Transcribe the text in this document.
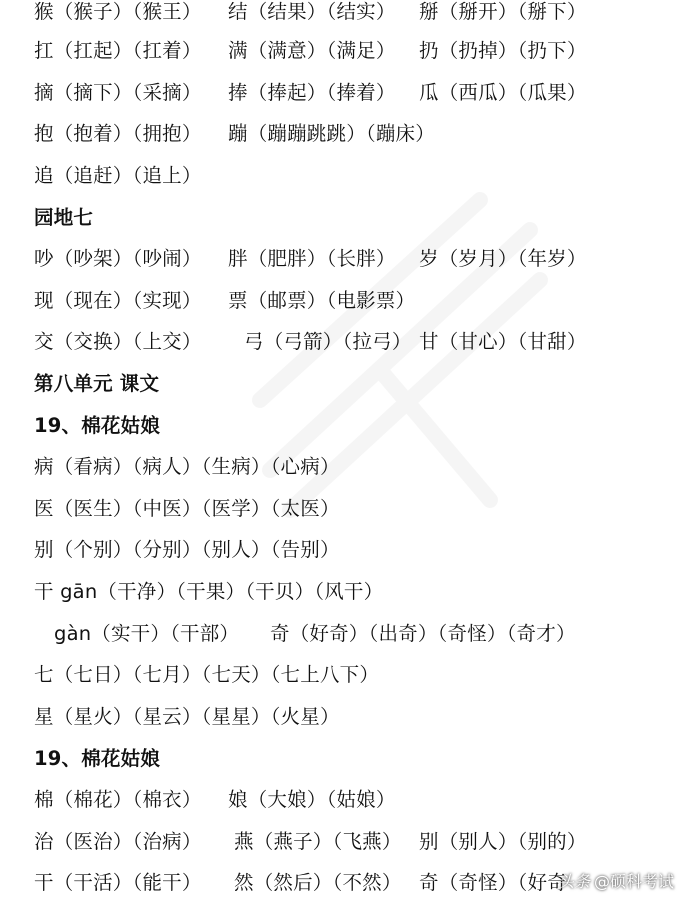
猴（猴子）（猴王） 结（结果）（结实） 掰（掰开）（掰下）
扛（扛起）（扛着） 满（满意）（满足） 扔（扔掉）（扔下）
摘（摘下）（采摘） 捧（捧起）（捧着） 瓜（西瓜）（瓜果）
抱（抱着）（拥抱） 蹦（蹦蹦跳跳）（蹦床）
追（追赶）（追上）
园地七
吵（吵架）（吵闹） 胖（肥胖）（长胖） 岁（岁月）（年岁）
现（现在）（实现） 票（邮票）（电影票）
交（交换）（上交） 弓（弓箭）（拉弓） 甘（甘心）（甘甜）
第八单元 课文
19、棉花姑娘
病（看病）（病人）（生病）（心病）
医（医生）（中医）（医学）（太医）
别（个别）（分别）（别人）（告别）
干 gān（干净）（干果）（干贝）（风干）
gàn（实干）（干部） 奇（好奇）（出奇）（奇怪）（奇才）
七（七日）（七月）（七天）（七上八下）
星（星火）（星云）（星星）（火星）
19、棉花姑娘
棉（棉花）（棉衣） 娘（大娘）（姑娘）
治（医治）（治病） 燕（燕子）（飞燕） 别（别人）（别的）
干（干活）（能干） 然（然后）（不然） 奇（奇怪）（好奇
头条 @硕科考试
